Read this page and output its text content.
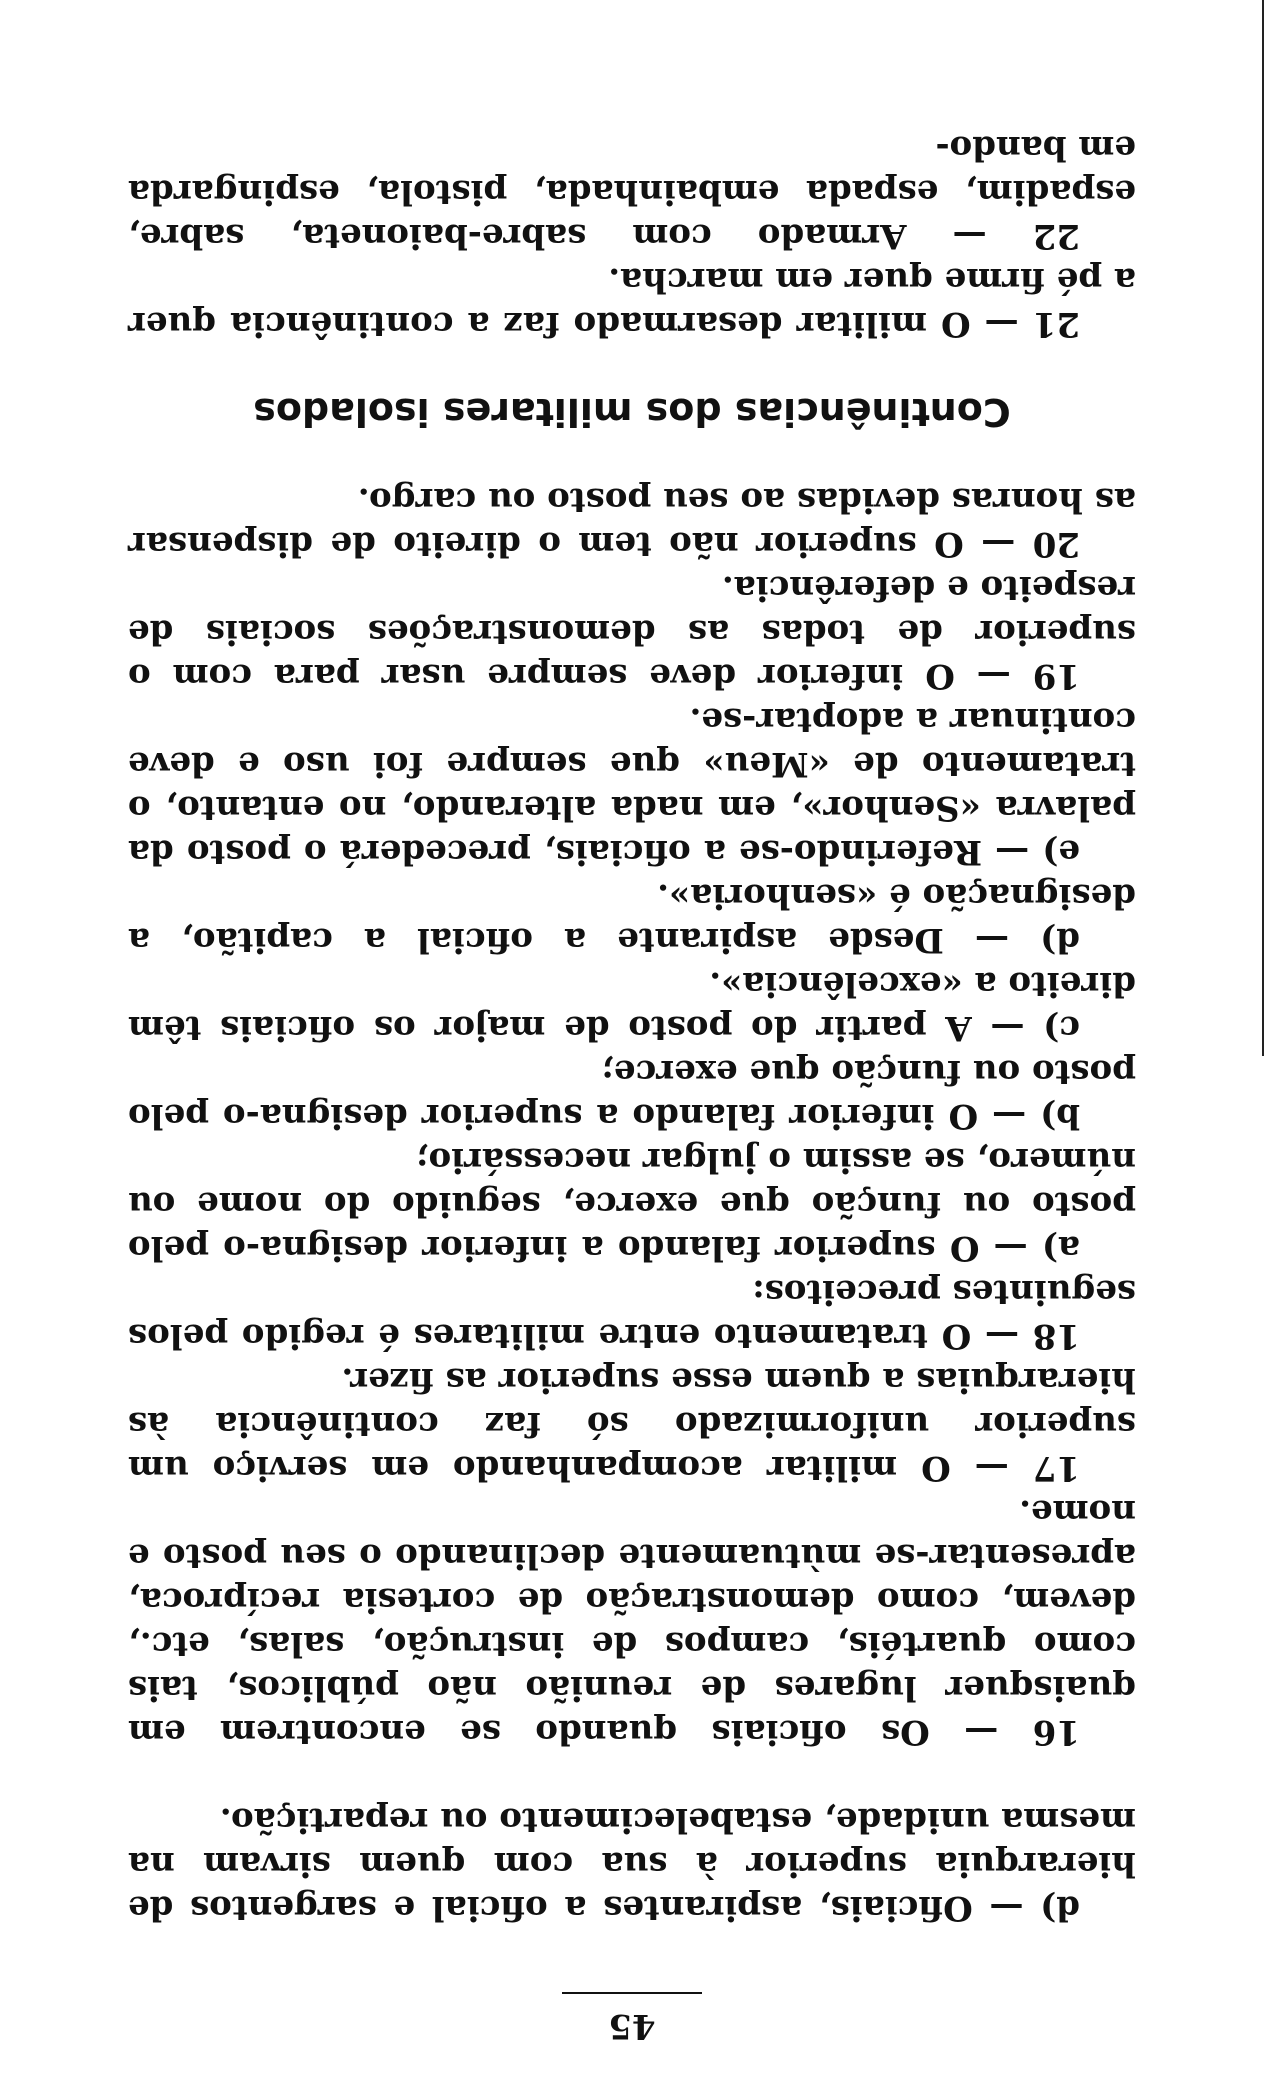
45

d) — Oficiais, aspirantes a oficial e sargentos de hierarquia superior à sua com quem sirvam na mesma unidade, estabelecimento ou repartição.

16 — Os oficiais quando se encontrem em quaisquer lugares de reunião não públicos, tais como quartéis, campos de instrução, salas, etc., devem, como demonstração de cortesia recíproca, apresentar-se mùtuamente declinando o seu posto e nome.

17 — O militar acompanhando em serviço um superior uniformizado só faz continência às hierarquias a quem esse superior as fizer.

18 — O tratamento entre militares é regido pelos seguintes preceitos:

a) — O superior falando a inferior designa-o pelo posto ou função que exerce, seguido do nome ou número, se assim o julgar necessário;

b) — O inferior falando a superior designa-o pelo posto ou função que exerce;

c) — A partir do posto de major os oficiais têm direito a «excelência».

d) — Desde aspirante a oficial a capitão, a designação é «senhoria».

e) — Referindo-se a oficiais, precederá o posto da palavra «Senhor», em nada alterando, no entanto, o tratamento de «Meu» que sempre foi uso e deve continuar a adoptar-se.

19 — O inferior deve sempre usar para com o superior de todas as demonstrações sociais de respeito e deferência.

20 — O superior não tem o direito de dispensar as honras devidas ao seu posto ou cargo.

Continências dos militares isolados

21 — O militar desarmado faz a continência quer a pé firme quer em marcha.

22 — Armado com sabre-baioneta, sabre, espadim, espada embainhada, pistola, espingarda em bando-
